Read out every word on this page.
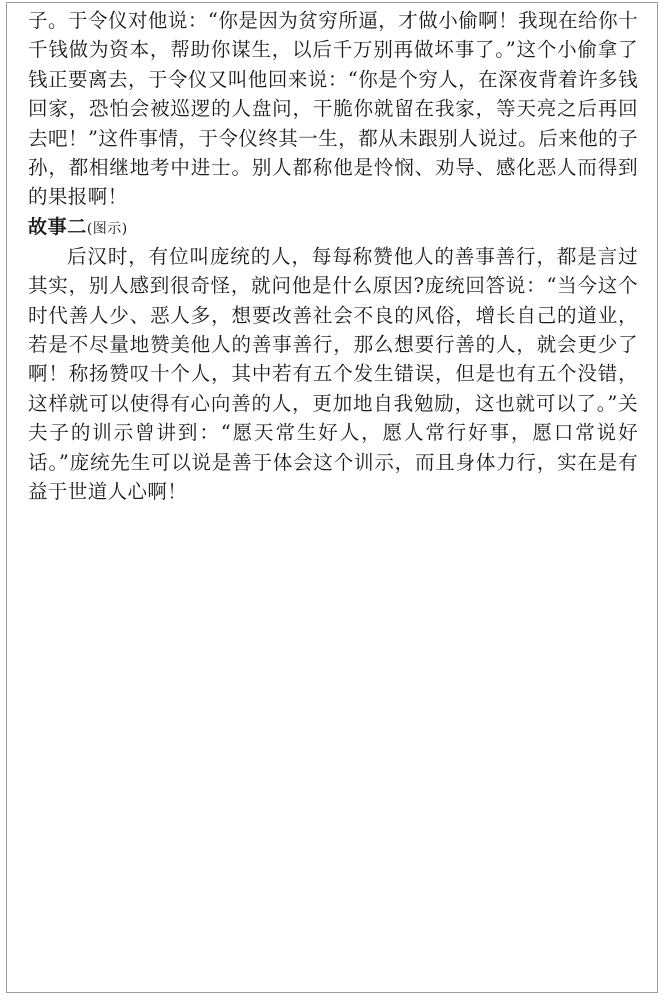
子。于令仪对他说：“你是因为贫穷所逼，才做小偷啊！我现在给你十千钱做为资本，帮助你谋生，以后千万别再做坏事了。”这个小偷拿了钱正要离去，于令仪又叫他回来说：“你是个穷人，在深夜背着许多钱回家，恐怕会被巡逻的人盘问，干脆你就留在我家，等天亮之后再回去吧！”这件事情，于令仪终其一生，都从未跟别人说过。后来他的子孙，都相继地考中进士。别人都称他是怜悯、劝导、感化恶人而得到的果报啊！

故事二(图示)

后汉时，有位叫庞统的人，每每称赞他人的善事善行，都是言过其实，别人感到很奇怪，就问他是什么原因?庞统回答说：“当今这个时代善人少、恶人多，想要改善社会不良的风俗，增长自己的道业，若是不尽量地赞美他人的善事善行，那么想要行善的人，就会更少了啊！称扬赞叹十个人，其中若有五个发生错误，但是也有五个没错，这样就可以使得有心向善的人，更加地自我勉励，这也就可以了。”关夫子的训示曾讲到：“愿天常生好人，愿人常行好事，愿口常说好话。”庞统先生可以说是善于体会这个训示，而且身体力行，实在是有益于世道人心啊！
